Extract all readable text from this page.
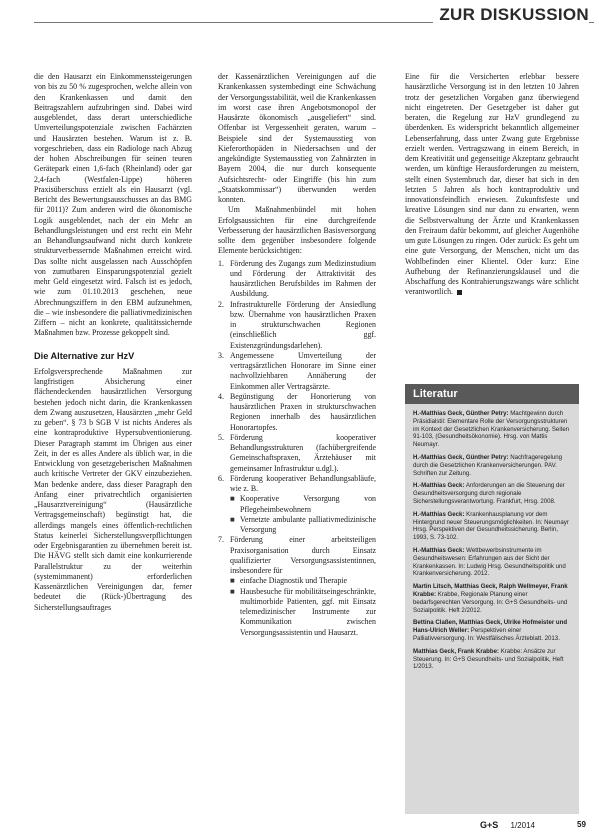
ZUR DISKUSSION

die den Hausarzt ein Einkommenssteigerungen von bis zu 50 % zugesprochen, welche allein von den Krankenkassen und damit den Beitragszahlern aufzubringen sind. Dabei wird ausgeblendet, dass derart unterschiedliche Umverteilungspotenziale zwischen Fachärzten und Hausärzten bestehen. Warum ist z. B. vorgeschrieben, dass ein Radiologe nach Abzug der hohen Abschreibungen für seinen teuren Gerätepark einen 1,6-fach (Rheinland) oder gar 2,4-fach (Westfalen-Lippe) höheren Praxisüberschuss erzielt als ein Hausarzt (vgl. Bericht des Bewertungsausschusses an das BMG für 2011)? Zum anderen wird die ökonomische Logik ausgeblendet, nach der ein Mehr an Behandlungsleistungen und erst recht ein Mehr an Behandlungsaufwand nicht durch konkrete strukturverbessernde Maßnahmen erreicht wird. Das sollte nicht ausgelassen nach Ausschöpfen von zumutbaren Einsparungspotenzial gezielt mehr Geld eingesetzt wird. Falsch ist es jedoch, wie zum 01.10.2013 geschehen, neue Abrechnungsziffern in den EBM aufzunehmen, die – wie insbesondere die palliativmedizinischen Ziffern – nicht an konkrete, qualitätssichernde Maßnahmen bzw. Prozesse gekoppelt sind.

Die Alternative zur HzV

Erfolgsversprechende Maßnahmen zur langfristigen Absicherung einer flächendeckenden hausärztlichen Versorgung bestehen jedoch nicht darin, die Krankenkassen dem Zwang auszusetzen, Hausärzten „mehr Geld zu geben“. § 73 b SGB V ist nichts Anderes als eine kontraproduktive Hypersubventionierung. Dieser Paragraph stammt im Übrigen aus einer Zeit, in der es alles Andere als üblich war, in die Entwicklung von gesetzgeberischen Maßnahmen auch kritische Vertreter der GKV einzubeziehen. Man bedenke andere, dass dieser Paragraph den Anfang einer privatrechtlich organisierten „Hausarztvereinigung“ (Hausärztliche Vertragsgemeinschaft) begünstigt hat, die allerdings mangels eines öffentlich-rechtlichen Status keinerlei Sicherstellungsverpflichtungen oder Ergebnisgarantien zu übernehmen bereit ist. Die HÄVG stellt sich damit eine konkurrierende Parallelstruktur zu der weiterhin (systemimmanent) erforderlichen Kassenärztlichen Vereinigungen dar, ferner bedeutet die (Rück-)Übertragung des Sicherstellungsauftrages

der Kassenärztlichen Vereinigungen auf die Krankenkassen systembedingt eine Schwächung der Versorgungsstabilität, weil die Krankenkassen im worst case ihren Angebotsmonopol der Hausärzte ökonomisch „ausgeliefert“ sind. Offenbar ist Vergessenheit geraten, warum – Beispiele sind der Systemausstieg von Kieferorthopäden in Niedersachsen und der angekündigte Systemausstieg von Zahnärzten in Bayern 2004, die nur durch konsequente Aufsichtsrecht- oder Eingriffe (bis hin zum „Staatskommissar“) überwunden werden konnten.

Um Maßnahmenbündel mit hohen Erfolgsaussichten für eine durchgreifende Verbesserung der hausärztlichen Basisversorgung sollte dem gegenüber insbesondere folgende Elemente berücksichtigen:

1. Förderung des Zugangs zum Medizinstudium und Förderung der Attraktivität des hausärztlichen Berufsbildes im Rahmen der Ausbildung.
2. Infrastrukturelle Förderung der Ansiedlung bzw. Übernahme von hausärztlichen Praxen in strukturschwachen Regionen (einschließlich ggf. Existenzgründungsdarlehen).
3. Angemessene Umverteilung der vertragsärztlichen Honorare im Sinne einer nachvollziehbaren Annäherung der Einkommen aller Vertragsärzte.
4. Begünstigung der Honorierung von hausärztlichen Praxen in strukturschwachen Regionen innerhalb des hausärztlichen Honorartopfes.
5. Förderung kooperativer Behandlungsstrukturen (fachübergreifende Gemeinschaftspraxen, Ärztehäuser mit gemeinsamer Infrastruktur u.dgl.).
6. Förderung kooperativer Behandlungsabläufe, wie z. B.
■ Kooperative Versorgung von Pflegeheimbewohnern
■ Vernetzte ambulante palliativmedizinische Versorgung
7. Förderung einer arbeitsteiligen Praxisorganisation durch Einsatz qualifizierter Versorgungsassistentinnen, insbesondere für
■ einfache Diagnostik und Therapie
■ Hausbesuche für mobilitätseingeschränkte, multimorbide Patienten, ggf. mit Einsatz telemedizinischer Instrumente zur Kommunikation zwischen Versorgungsassistentin und Hausarzt.

Eine für die Versicherten erlebbar bessere hausärztliche Versorgung ist in den letzten 10 Jahren trotz der gesetzlichen Vorgaben ganz überwiegend nicht eingetreten. Der Gesetzgeber ist daher gut beraten, die Regelung zur HzV grundlegend zu überdenken. Es widerspricht bekanntlich allgemeiner Lebenserfahrung, dass unter Zwang gute Ergebnisse erzielt werden. Vertragszwang in einem Bereich, in dem Kreativität und gegenseitige Akzeptanz gebraucht werden, um künftige Herausforderungen zu meistern, stellt einen Systembruch dar, dieser hat sich in den letzten 5 Jahren als hoch kontraproduktiv und innovationsfeindlich erwiesen. Zukunftsfeste und kreative Lösungen sind nur dann zu erwarten, wenn die Selbstverwaltung der Ärzte und Krankenkassen den Freiraum dafür bekommt, auf gleicher Augenhöhe um gute Lösungen zu ringen. Oder zurück: Es geht um eine gute Versorgung, der Menschen, nicht um das Wohlbefinden einer Klientel. Oder kurz: Eine Aufhebung der Refinanzierungsklausel und die Abschaffung des Kontrahierungszwangs wäre schlicht verantwortlich.

Literatur
H.-Matthias Geck, Günther Petry: Machtgewinn durch Präsidialstil: Elementare Rolle der Versorgungsstrukturen im Kontext der Gesetzlichen Krankenversicherung. Seiten 91-103, (Gesundheitsökonomie). Hrsg. von Mattis Neumayr.
H.-Matthias Geck, Günther Petry: Nachfrageregelung durch die Gesetzlichen Krankenversicherungen. PAV. Schriften zur Zeitung.
H.-Matthias Geck: Anforderungen an die Steuerung der Gesundheitsversorgung durch regionale Sicherstellungsverantwortung. Frankfurt, Hrsg. 2008.
H.-Matthias Geck: Krankenhausplanung vor dem Hintergrund neuer Steuerungsmöglichkeiten. In: Neumayr Hrsg. Perspektiven der Gesundheitssicherung. Berlin, 1993, S. 73-102.
H.-Matthias Geck: Wettbewerbsinstrumente im Gesundheitswesen: Erfahrungen aus der Sicht der Krankenkassen. In: Ludwig Hrsg. Gesundheitspolitik und Krankenversicherung. 2012.
Martin Litsch, Matthias Geck, Ralph Wellmeyer, Frank Krabbe: Krabbe, Regionale Planung einer bedarfsgerechten Versorgung. In: G+S Gesundheits- und Sozialpolitik. Heft 2/2012.
Bettina Claßen, Matthias Geck, Ulrike Hofmeister und Hans-Ulrich Weller: Perspektiven einer Palliativversorgung. In: Westfälisches Ärzteblatt. 2013.
Matthias Geck, Frank Krabbe: Krabbe: Ansätze zur Steuerung. In: G+S Gesundheits- und Sozialpolitik, Heft 1/2013.
G+S 1/2014	59
